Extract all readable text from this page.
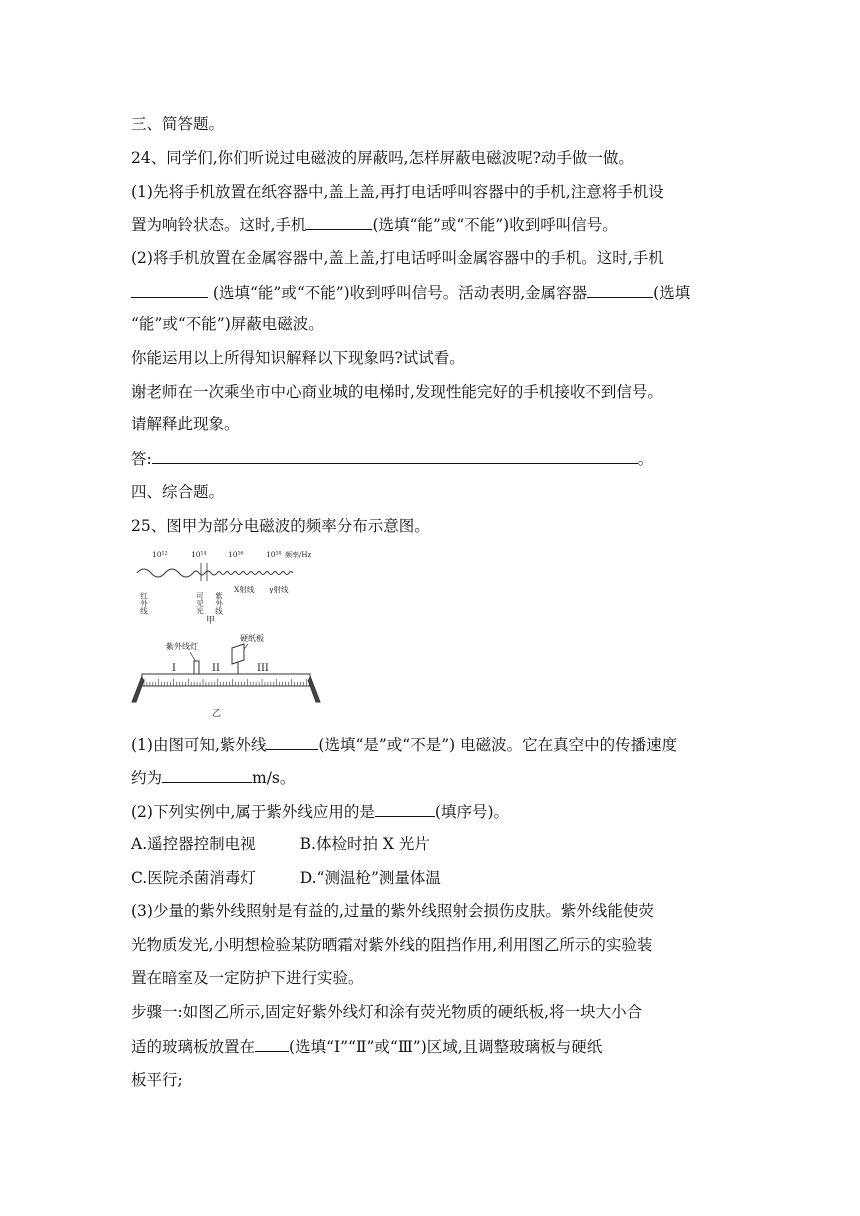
三、简答题。
24、同学们,你们听说过电磁波的屏蔽吗,怎样屏蔽电磁波呢?动手做一做。
(1)先将手机放置在纸容器中,盖上盖,再打电话呼叫容器中的手机,注意将手机设
置为响铃状态。这时,手机	(选填“能”或“不能”)收到呼叫信号。
(2)将手机放置在金属容器中,盖上盖,打电话呼叫金属容器中的手机。这时,手机
(选填“能”或“不能”)收到呼叫信号。活动表明,金属容器	(选填
“能”或“不能”)屏蔽电磁波。
你能运用以上所得知识解释以下现象吗?试试看。
谢老师在一次乘坐市中心商业城的电梯时,发现性能完好的手机接收不到信号。
请解释此现象。
答:	。
四、综合题。
25、图甲为部分电磁波的频率分布示意图。
10¹²	10¹⁴	10¹⁶	10¹⁸ 频率/Hz
红外线	可见光 紫外线
X射线 γ射线
甲
紫外线灯
硬纸板
I	II	III
乙
(1)由图可知,紫外线	(选填“是”或“不是”) 电磁波。它在真空中的传播速度
约为	m/s。
(2)下列实例中,属于紫外线应用的是	(填序号)。
A.遥控器控制电视	B.体检时拍 X 光片
C.医院杀菌消毒灯	D.“测温枪”测量体温
(3)少量的紫外线照射是有益的,过量的紫外线照射会损伤皮肤。紫外线能使荧
光物质发光,小明想检验某防晒霜对紫外线的阻挡作用,利用图乙所示的实验装
置在暗室及一定防护下进行实验。
步骤一:如图乙所示,固定好紫外线灯和涂有荧光物质的硬纸板,将一块大小合
适的玻璃板放置在 (选填“Ⅰ”“Ⅱ”或“Ⅲ”)区域,且调整玻璃板与硬纸
板平行;
